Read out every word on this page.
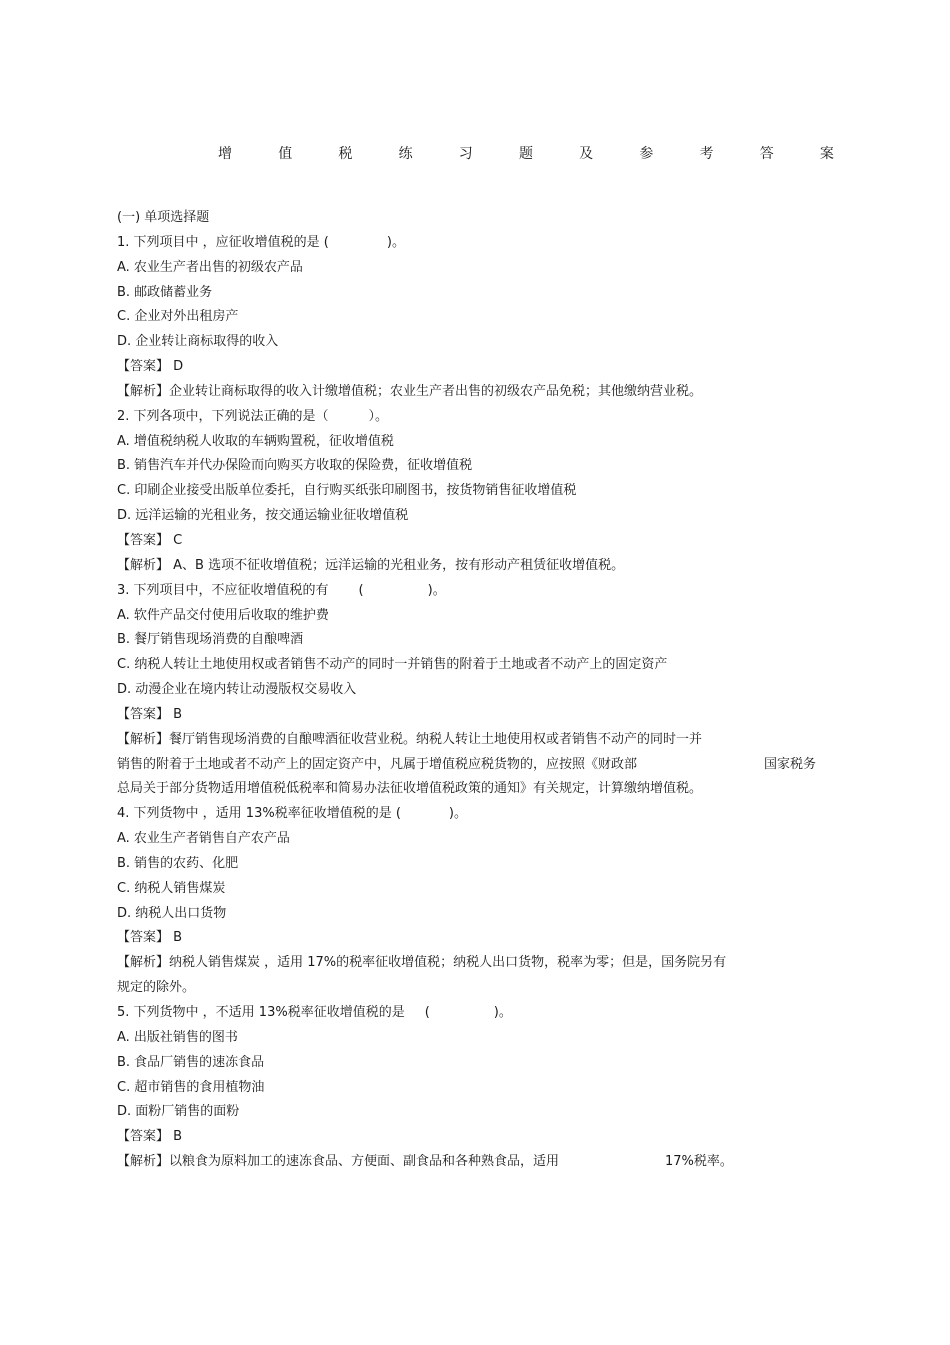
增	值	税	练	习	题	及	参	考	答	案
(一) 单项选择题
1. 下列项目中 ，应征收增值税的是 (	)。
A. 农业生产者出售的初级农产品
B. 邮政储蓄业务
C. 企业对外出租房产
D. 企业转让商标取得的收入
【答案】 D
【解析】企业转让商标取得的收入计缴增值税；农业生产者出售的初级农产品免税；其他缴纳营业税。
2. 下列各项中，下列说法正确的是（	）。
A. 增值税纳税人收取的车辆购置税，征收增值税
B. 销售汽车并代办保险而向购买方收取的保险费，征收增值税
C. 印刷企业接受出版单位委托，自行购买纸张印刷图书，按货物销售征收增值税
D. 远洋运输的光租业务，按交通运输业征收增值税
【答案】 C
【解析】 A、B 选项不征收增值税；远洋运输的光租业务，按有形动产租赁征收增值税。
3. 下列项目中，不应征收增值税的有 (	)。
A. 软件产品交付使用后收取的维护费
B. 餐厅销售现场消费的自酿啤酒
C. 纳税人转让土地使用权或者销售不动产的同时一并销售的附着于土地或者不动产上的固定资产
D. 动漫企业在境内转让动漫版权交易收入
【答案】 B
【解析】餐厅销售现场消费的自酿啤酒征收营业税。纳税人转让土地使用权或者销售不动产的同时一并
销售的附着于土地或者不动产上的固定资产中，凡属于增值税应税货物的，应按照《财政部	国家税务
总局关于部分货物适用增值税低税率和简易办法征收增值税政策的通知》有关规定，计算缴纳增值税。
4. 下列货物中 ，适用 13%税率征收增值税的是 (	)。
A. 农业生产者销售自产农产品
B. 销售的农药、化肥
C. 纳税人销售煤炭
D. 纳税人出口货物
【答案】 B
【解析】纳税人销售煤炭 ，适用 17%的税率征收增值税；纳税人出口货物，税率为零；但是，国务院另有
规定的除外。
5. 下列货物中 ，不适用 13%税率征收增值税的是 (	)。
A. 出版社销售的图书
B. 食品厂销售的速冻食品
C. 超市销售的食用植物油
D. 面粉厂销售的面粉
【答案】 B
【解析】以粮食为原料加工的速冻食品、方便面、副食品和各种熟食品，适用	17%税率。
